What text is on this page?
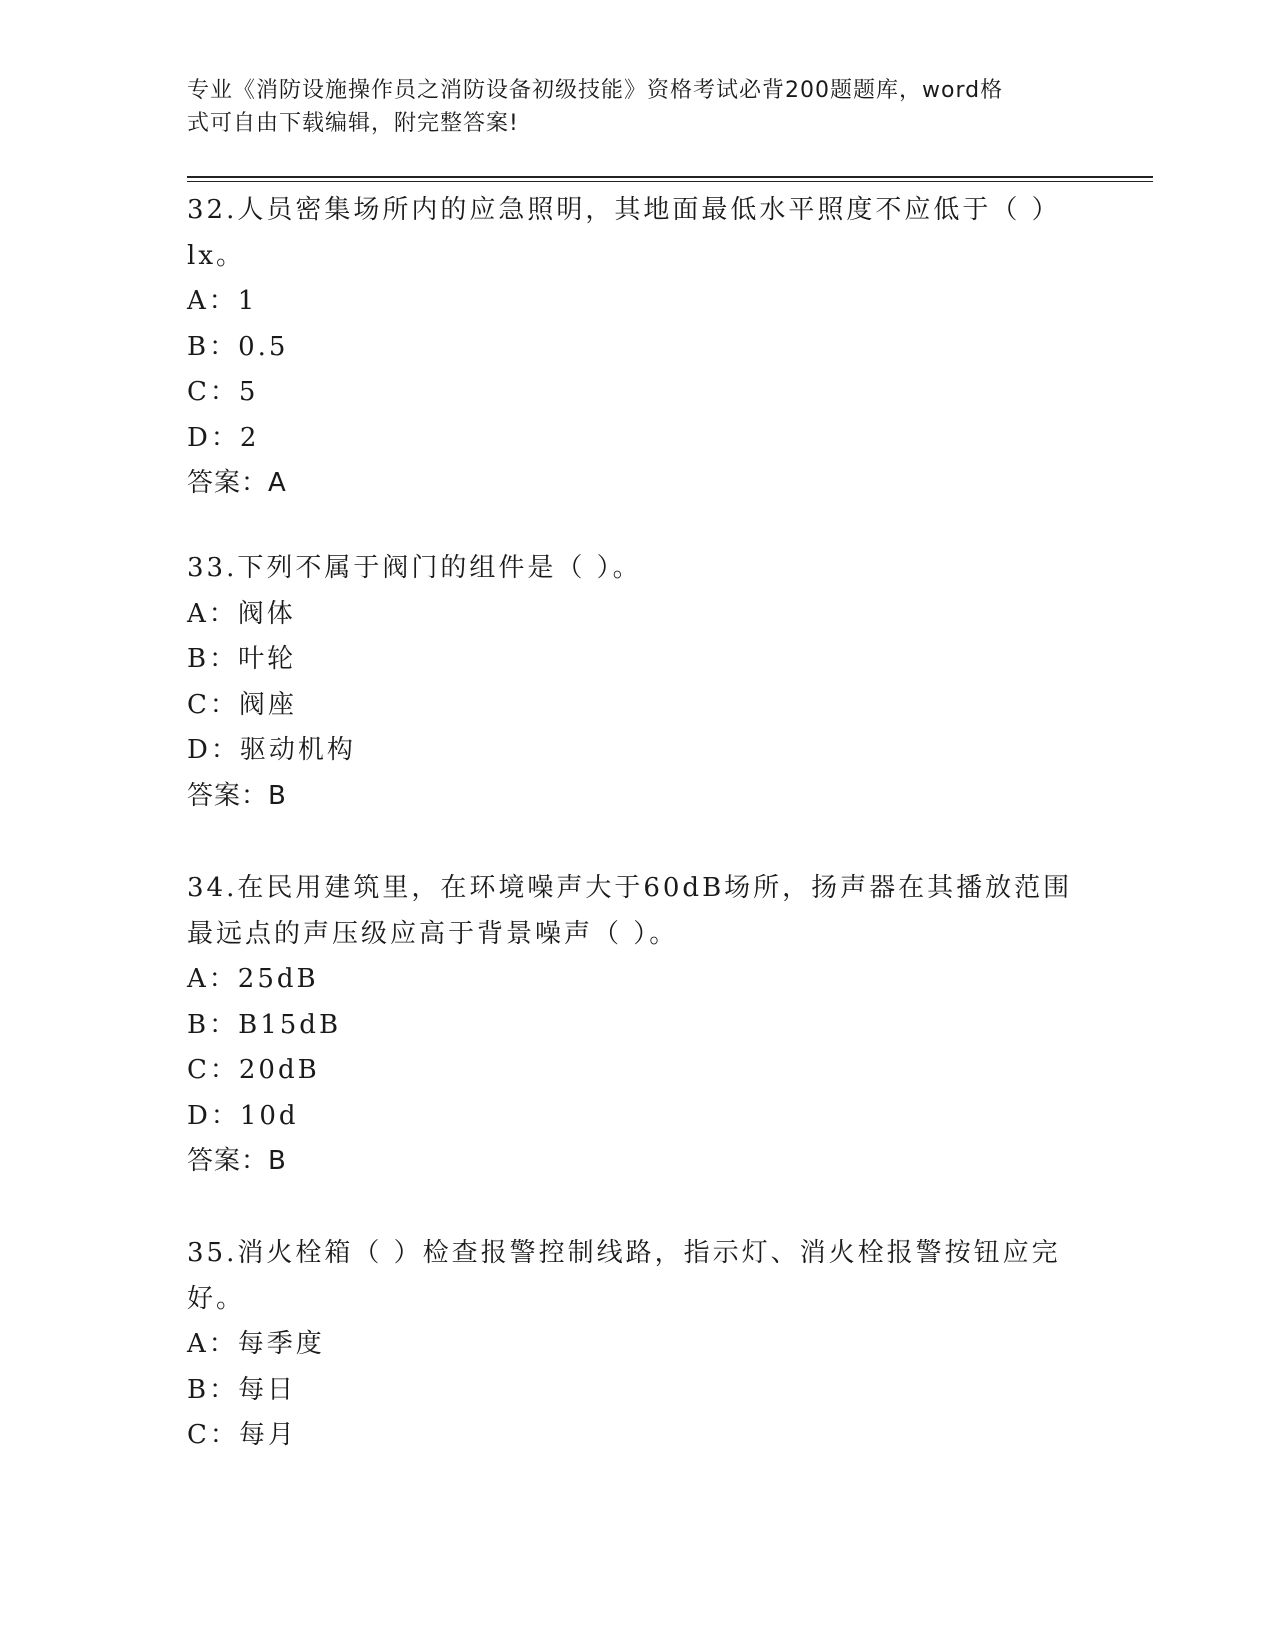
专业《消防设施操作员之消防设备初级技能》资格考试必背200题题库，word格
式可自由下载编辑，附完整答案!
32.人员密集场所内的应急照明，其地面最低水平照度不应低于（ ）
lx。
A：1
B：0.5
C：5
D：2
答案：A
33.下列不属于阀门的组件是（ ）。
A：阀体
B：叶轮
C：阀座
D：驱动机构
答案：B
34.在民用建筑里，在环境噪声大于60dB场所，扬声器在其播放范围
最远点的声压级应高于背景噪声（ ）。
A：25dB
B：B15dB
C：20dB
D：10d
答案：B
35.消火栓箱（ ）检查报警控制线路，指示灯、消火栓报警按钮应完
好。
A：每季度
B：每日
C：每月
